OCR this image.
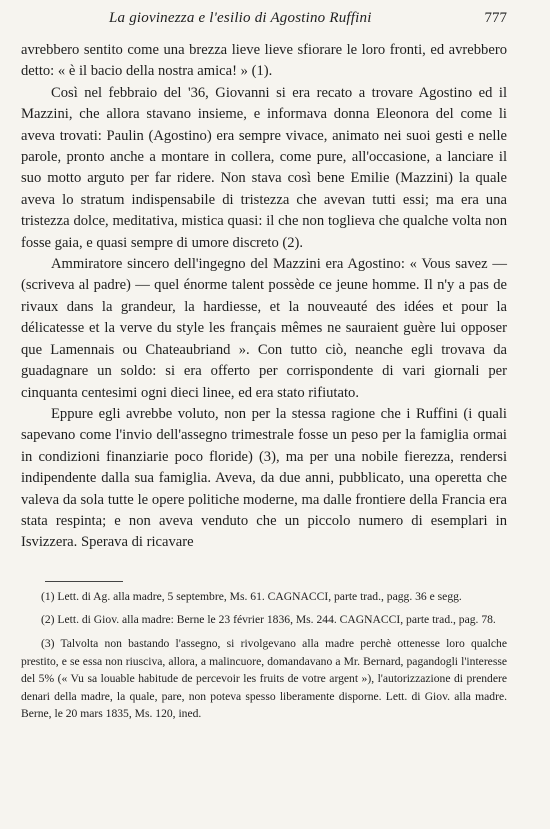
La giovinezza e l'esilio di Agostino Ruffini	777

avrebbero sentito come una brezza lieve lieve sfiorare le loro fronti, ed avrebbero detto: « è il bacio della nostra amica! » (1).

Così nel febbraio del '36, Giovanni si era recato a trovare Agostino ed il Mazzini, che allora stavano insieme, e informava donna Eleonora del come li aveva trovati: Paulin (Agostino) era sempre vivace, animato nei suoi gesti e nelle parole, pronto anche a montare in collera, come pure, all'occasione, a lanciare il suo motto arguto per far ridere. Non stava così bene Emilie (Mazzini) la quale aveva lo stratum indispensabile di tristezza che avevan tutti essi; ma era una tristezza dolce, meditativa, mistica quasi: il che non toglieva che qualche volta non fosse gaia, e quasi sempre di umore discreto (2).

Ammiratore sincero dell'ingegno del Mazzini era Agostino: « Vous savez — (scriveva al padre) — quel énorme talent possède ce jeune homme. Il n'y a pas de rivaux dans la grandeur, la hardiesse, et la nouveauté des idées et pour la délicatesse et la verve du style les français mêmes ne sauraient guère lui opposer que Lamennais ou Chateaubriand ». Con tutto ciò, neanche egli trovava da guadagnare un soldo: si era offerto per corrispondente di vari giornali per cinquanta centesimi ogni dieci linee, ed era stato rifiutato.

Eppure egli avrebbe voluto, non per la stessa ragione che i Ruffini (i quali sapevano come l'invio dell'assegno trimestrale fosse un peso per la famiglia ormai in condizioni finanziarie poco floride) (3), ma per una nobile fierezza, rendersi indipendente dalla sua famiglia. Aveva, da due anni, pubblicato, una operetta che valeva da sola tutte le opere politiche moderne, ma dalle frontiere della Francia era stata respinta; e non aveva venduto che un piccolo numero di esemplari in Isvizzera. Sperava di ricavare

(1) Lett. di Ag. alla madre, 5 septembre, Ms. 61. CAGNACCI, parte trad., pagg. 36 e segg.

(2) Lett. di Giov. alla madre: Berne le 23 février 1836, Ms. 244. CAGNACCI, parte trad., pag. 78.

(3) Talvolta non bastando l'assegno, si rivolgevano alla madre perchè ottenesse loro qualche prestito, e se essa non riusciva, allora, a malincuore, domandavano a Mr. Bernard, pagandogli l'interesse del 5% (« Vu sa louable habitude de percevoir les fruits de votre argent »), l'autorizzazione di prendere denari della madre, la quale, pare, non poteva spesso liberamente disporne. Lett. di Giov. alla madre. Berne, le 20 mars 1835, Ms. 120, ined.
